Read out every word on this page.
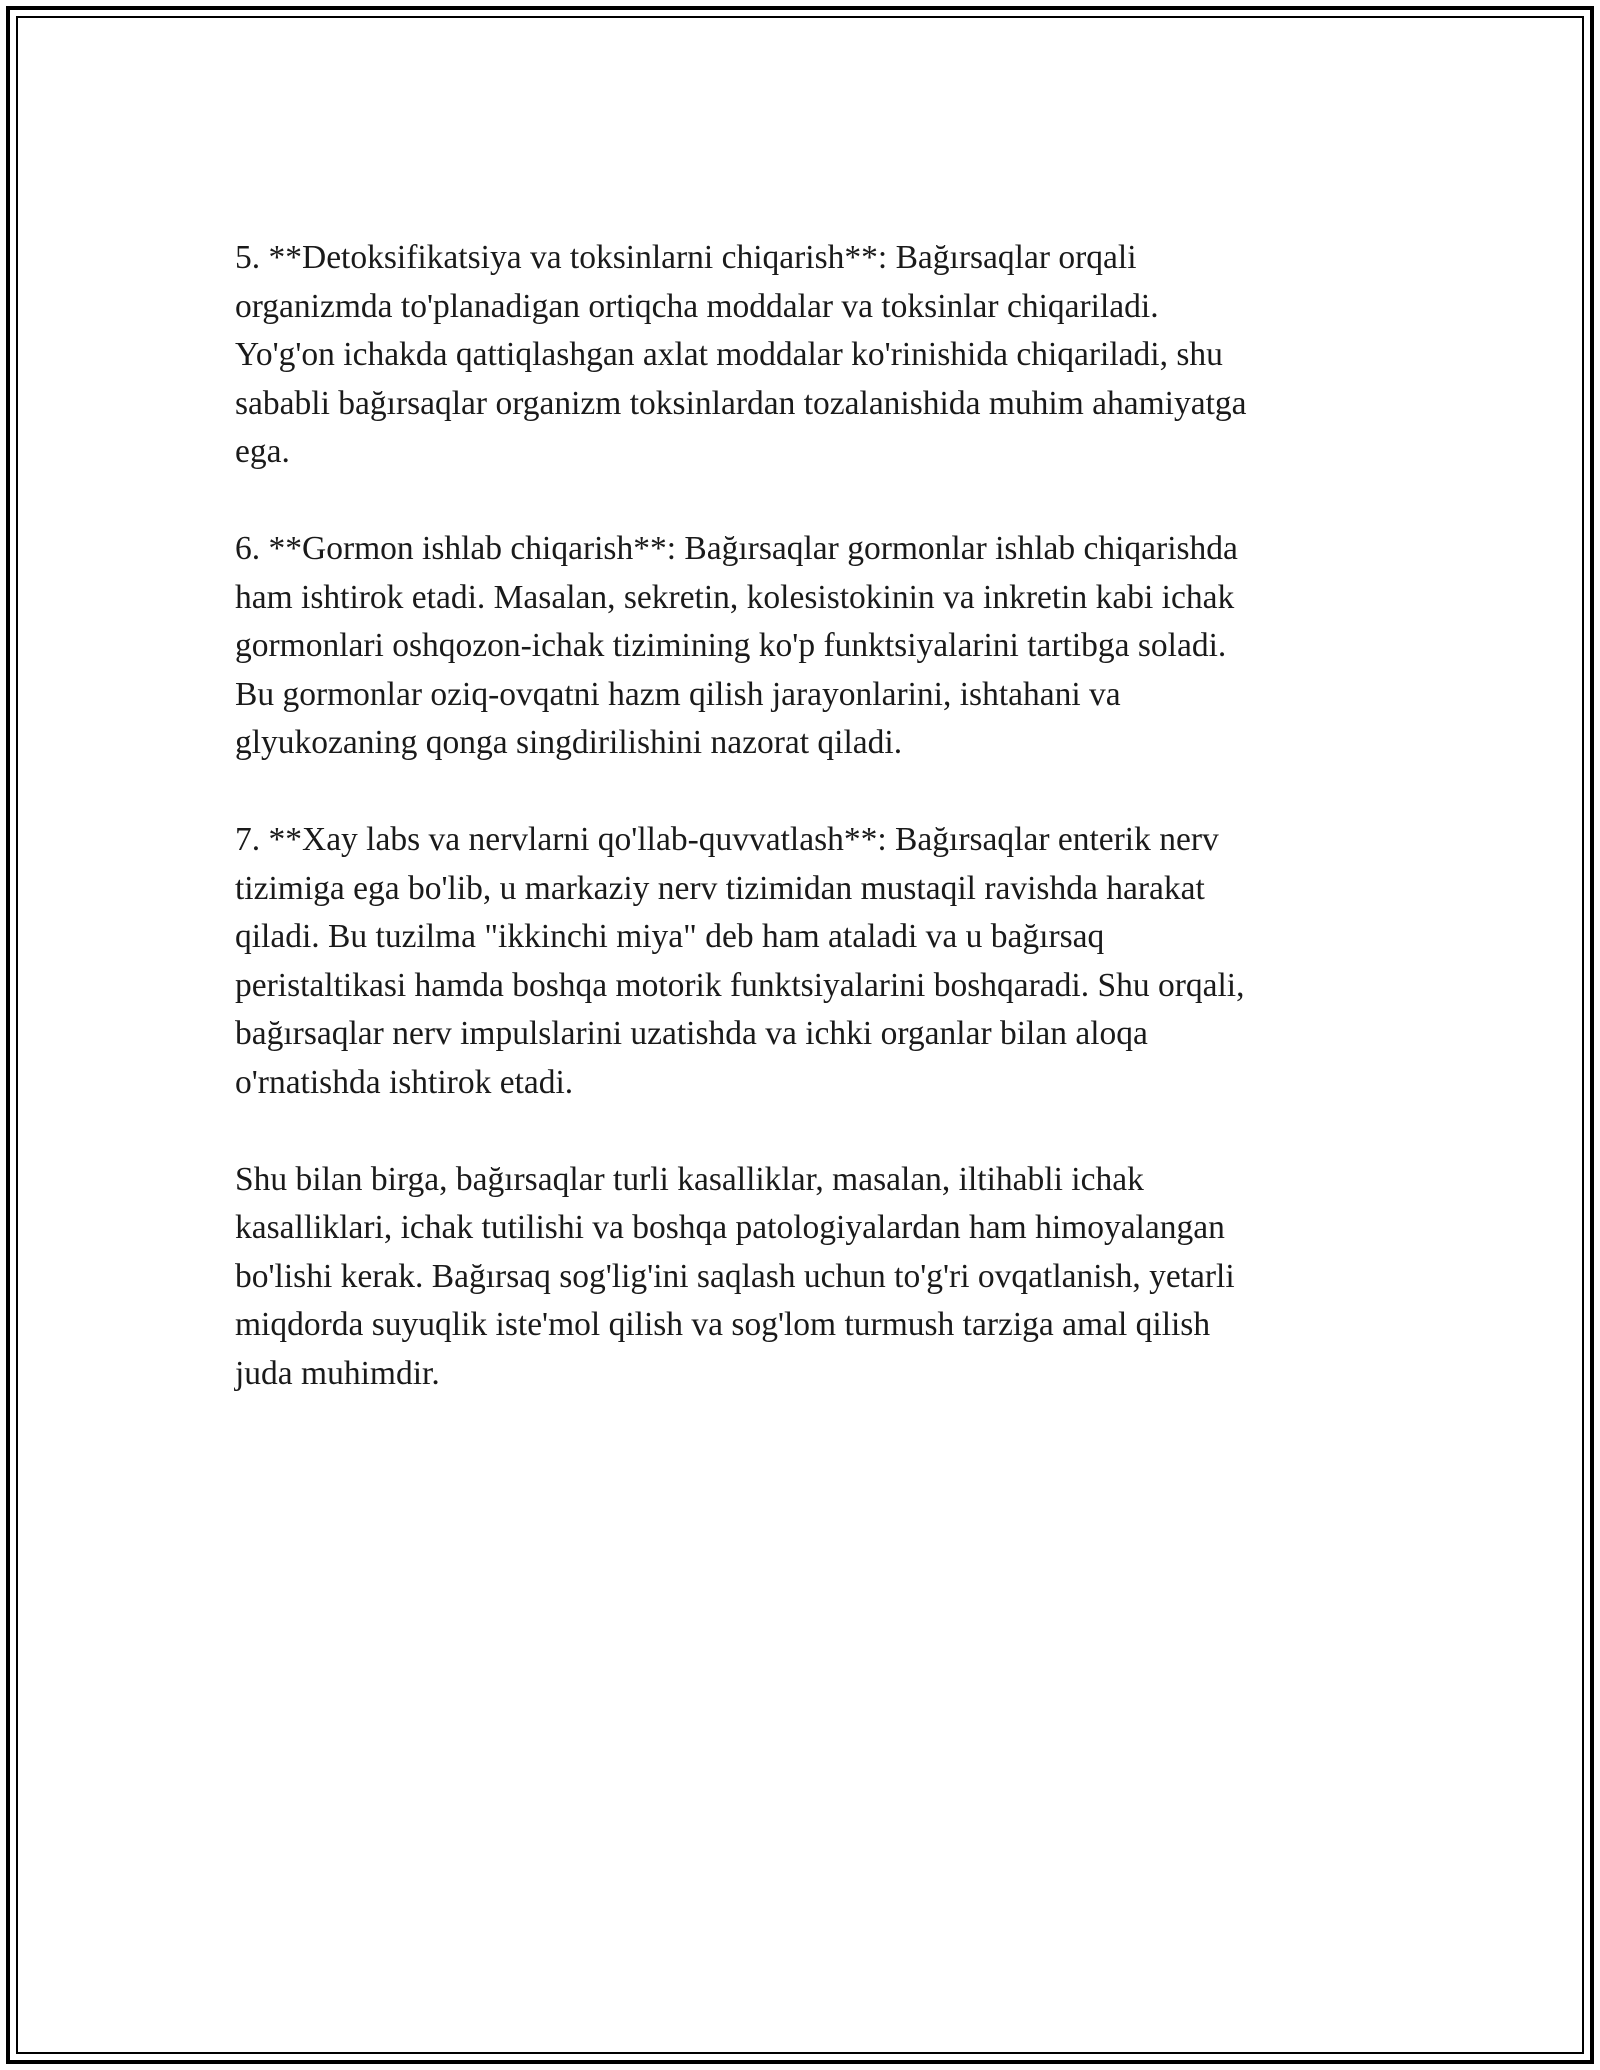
5. **Detoksifikatsiya va toksinlarni chiqarish**: Bağırsaqlar orqali
organizmda to'planadigan ortiqcha moddalar va toksinlar chiqariladi.
Yo'g'on ichakda qattiqlashgan axlat moddalar ko'rinishida chiqariladi, shu
sababli bağırsaqlar organizm toksinlardan tozalanishida muhim ahamiyatga
ega.

6. **Gormon ishlab chiqarish**: Bağırsaqlar gormonlar ishlab chiqarishda
ham ishtirok etadi. Masalan, sekretin, kolesistokinin va inkretin kabi ichak
gormonlari oshqozon-ichak tizimining ko'p funktsiyalarini tartibga soladi.
Bu gormonlar oziq-ovqatni hazm qilish jarayonlarini, ishtahani va
glyukozaning qonga singdirilishini nazorat qiladi.

7. **Xay labs va nervlarni qo'llab-quvvatlash**: Bağırsaqlar enterik nerv
tizimiga ega bo'lib, u markaziy nerv tizimidan mustaqil ravishda harakat
qiladi. Bu tuzilma "ikkinchi miya" deb ham ataladi va u bağırsaq
peristaltikasi hamda boshqa motorik funktsiyalarini boshqaradi. Shu orqali,
bağırsaqlar nerv impulslarini uzatishda va ichki organlar bilan aloqa
o'rnatishda ishtirok etadi.

Shu bilan birga, bağırsaqlar turli kasalliklar, masalan, iltihabli ichak
kasalliklari, ichak tutilishi va boshqa patologiyalardan ham himoyalangan
bo'lishi kerak. Bağırsaq sog'lig'ini saqlash uchun to'g'ri ovqatlanish, yetarli
miqdorda suyuqlik iste'mol qilish va sog'lom turmush tarziga amal qilish
juda muhimdir.
